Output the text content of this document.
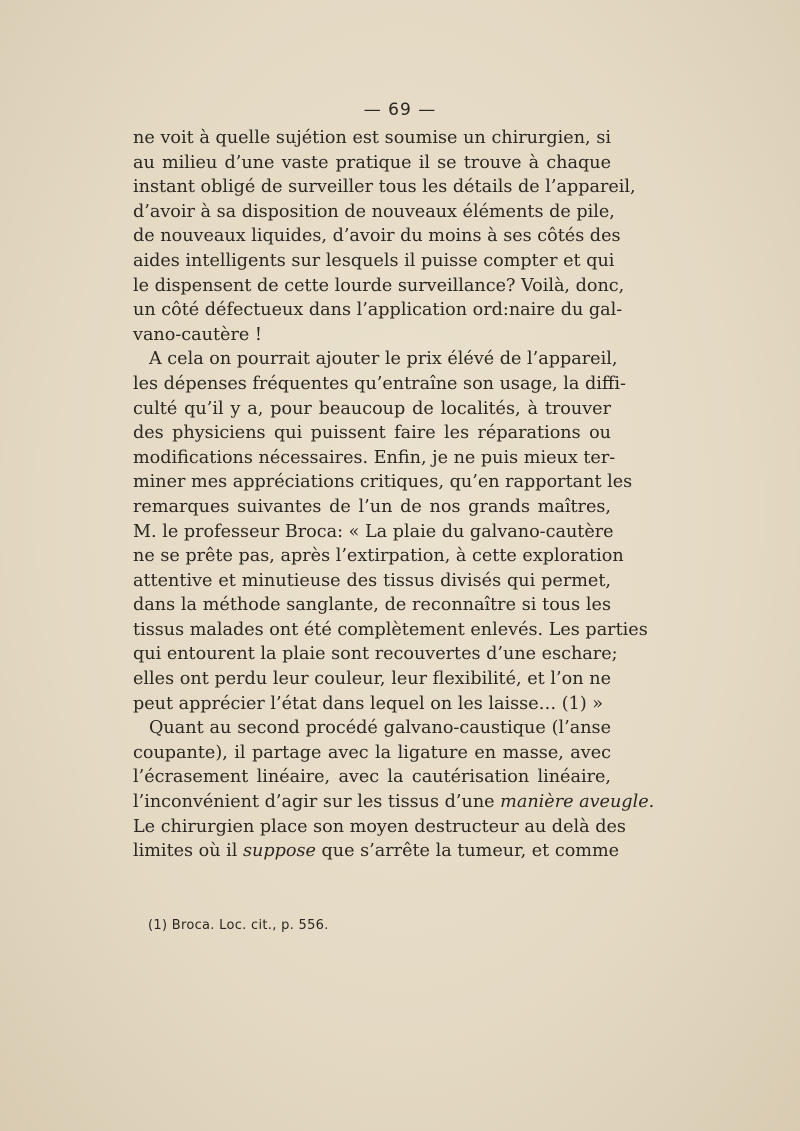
— 69 —
ne voit à quelle sujétion est soumise un chirurgien, si
au milieu d’une vaste pratique il se trouve à chaque
instant obligé de surveiller tous les détails de l’appareil,
d’avoir à sa disposition de nouveaux éléments de pile,
de nouveaux liquides, d’avoir du moins à ses côtés des
aides intelligents sur lesquels il puisse compter et qui
le dispensent de cette lourde surveillance? Voilà, donc,
un côté défectueux dans l’application ord:naire du gal-
vano-cautère !
A cela on pourrait ajouter le prix élévé de l’appareil,
les dépenses fréquentes qu’entraîne son usage, la diffi-
culté qu’il y a, pour beaucoup de localités, à trouver
des physiciens qui puissent faire les réparations ou
modifications nécessaires. Enfin, je ne puis mieux ter-
miner mes appréciations critiques, qu’en rapportant les
remarques suivantes de l’un de nos grands maîtres,
M. le professeur Broca: « La plaie du galvano-cautère
ne se prête pas, après l’extirpation, à cette exploration
attentive et minutieuse des tissus divisés qui permet,
dans la méthode sanglante, de reconnaître si tous les
tissus malades ont été complètement enlevés. Les parties
qui entourent la plaie sont recouvertes d’une eschare;
elles ont perdu leur couleur, leur flexibilité, et l’on ne
peut apprécier l’état dans lequel on les laisse… (1) »
Quant au second procédé galvano-caustique (l’anse
coupante), il partage avec la ligature en masse, avec
l’écrasement linéaire, avec la cautérisation linéaire,
l’inconvénient d’agir sur les tissus d’une manière aveugle.
Le chirurgien place son moyen destructeur au delà des
limites où il suppose que s’arrête la tumeur, et comme
(1) Broca. Loc. cit., p. 556.
